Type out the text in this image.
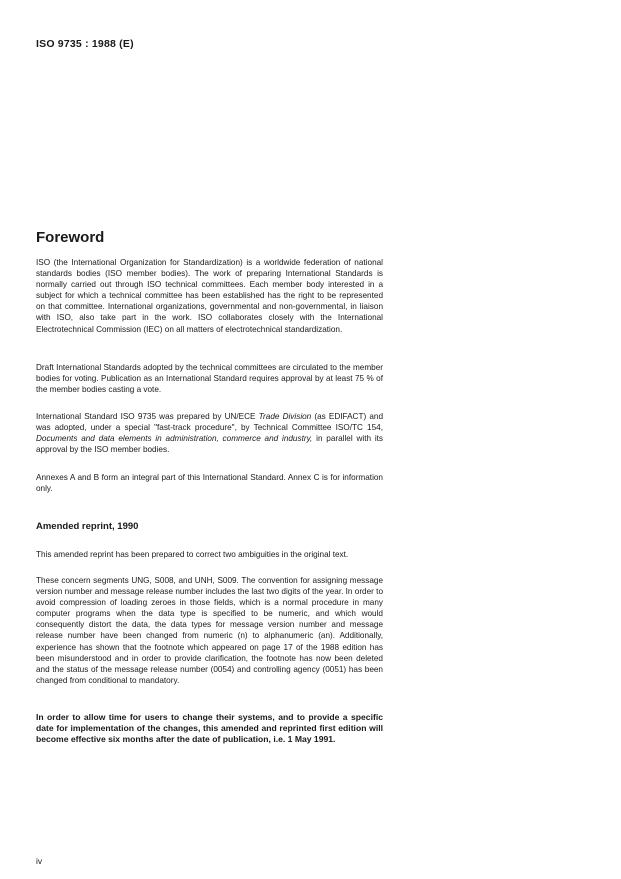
ISO 9735 : 1988 (E)
Foreword

ISO (the International Organization for Standardization) is a worldwide federation of national standards bodies (ISO member bodies). The work of preparing International Standards is normally carried out through ISO technical committees. Each member body interested in a subject for which a technical committee has been established has the right to be represented on that committee. International organizations, governmental and non-governmental, in liaison with ISO, also take part in the work. ISO collaborates closely with the International Electrotechnical Commission (IEC) on all matters of electrotechnical standardization.

Draft International Standards adopted by the technical committees are circulated to the member bodies for voting. Publication as an International Standard requires approval by at least 75 % of the member bodies casting a vote.

International Standard ISO 9735 was prepared by UN/ECE Trade Division (as EDIFACT) and was adopted, under a special "fast-track procedure", by Technical Committee ISO/TC 154, Documents and data elements in administration, commerce and industry, in parallel with its approval by the ISO member bodies.

Annexes A and B form an integral part of this International Standard. Annex C is for information only.

Amended reprint, 1990

This amended reprint has been prepared to correct two ambiguities in the original text.

These concern segments UNG, S008, and UNH, S009. The convention for assigning message version number and message release number includes the last two digits of the year. In order to avoid compression of loading zeroes in those fields, which is a normal procedure in many computer programs when the data type is specified to be numeric, and which would consequently distort the data, the data types for message version number and message release number have been changed from numeric (n) to alphanumeric (an). Additionally, experience has shown that the footnote which appeared on page 17 of the 1988 edition has been misunderstood and in order to provide clarification, the footnote has now been deleted and the status of the message release number (0054) and controlling agency (0051) has been changed from conditional to mandatory.

In order to allow time for users to change their systems, and to provide a specific date for implementation of the changes, this amended and reprinted first edition will become effective six months after the date of publication, i.e. 1 May 1991.

iv
